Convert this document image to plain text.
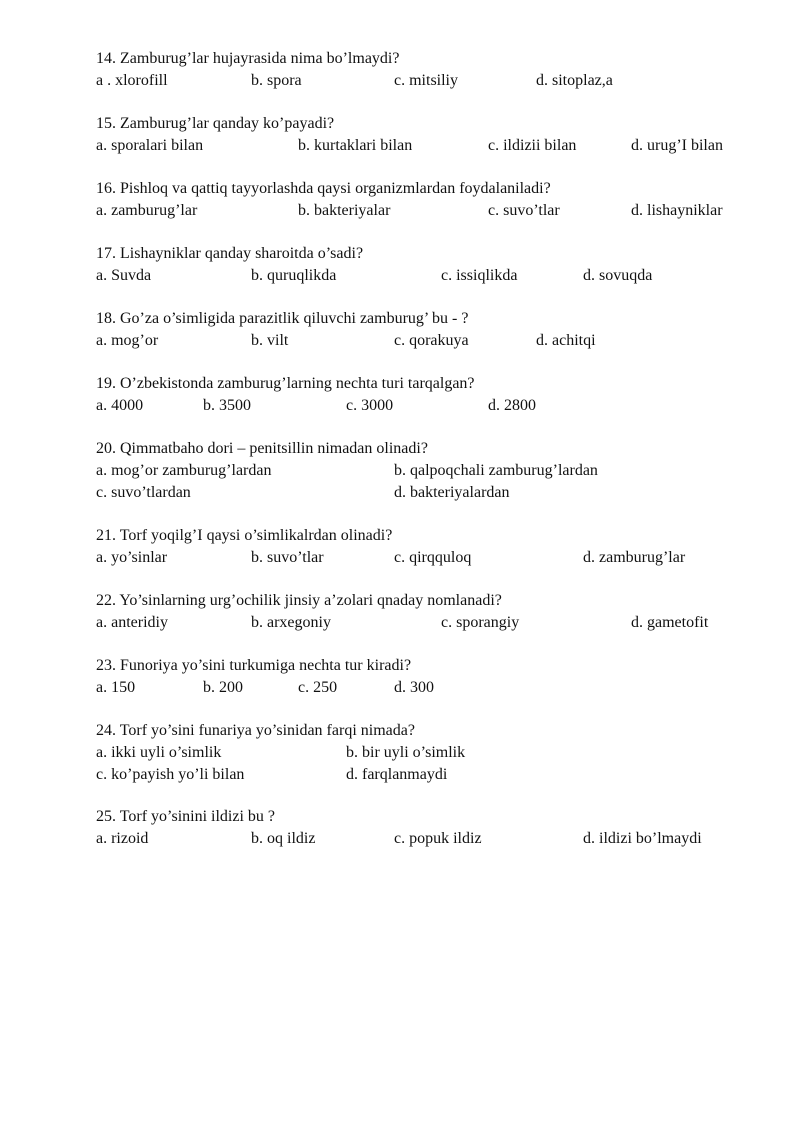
14. Zamburug’lar hujayrasida nima bo’lmaydi?
a . xlorofill	b. spora	c. mitsiliy	d. sitoplaz,a
15. Zamburug’lar qanday ko’payadi?
a. sporalari bilan	b. kurtaklari bilan	c. ildizii bilan	d. urug’I bilan
16. Pishloq va qattiq tayyorlashda qaysi organizmlardan foydalaniladi?
a. zamburug’lar	b. bakteriyalar	c. suvo’tlar	d. lishayniklar
17. Lishayniklar qanday sharoitda o’sadi?
a. Suvda	b. quruqlikda	c. issiqlikda	d. sovuqda
18. Go’za o’simligida parazitlik qiluvchi zamburug’ bu - ?
a. mog’or	b. vilt	c. qorakuya	d. achitqi
19. O’zbekistonda zamburug’larning nechta turi tarqalgan?
a. 4000	b. 3500	c. 3000	d. 2800
20. Qimmatbaho dori – penitsillin nimadan olinadi?
a. mog’or zamburug’lardan	b. qalpoqchali zamburug’lardan
c. suvo’tlardan	d. bakteriyalardan
21. Torf yoqilg’I qaysi o’simlikalrdan olinadi?
a. yo’sinlar	b. suvo’tlar	c. qirqquloq	d. zamburug’lar
22. Yo’sinlarning urg’ochilik jinsiy a’zolari qnaday nomlanadi?
a. anteridiy	b. arxegoniy	c. sporangiy	d. gametofit
23. Funoriya yo’sini turkumiga nechta tur kiradi?
a. 150	b. 200	c. 250	d. 300
24. Torf yo’sini funariya yo’sinidan farqi nimada?
a. ikki uyli o’simlik	b. bir uyli o’simlik
c. ko’payish yo’li bilan	d. farqlanmaydi
25. Torf yo’sinini ildizi bu ?
a. rizoid	b. oq ildiz	c. popuk ildiz	d. ildizi bo’lmaydi
